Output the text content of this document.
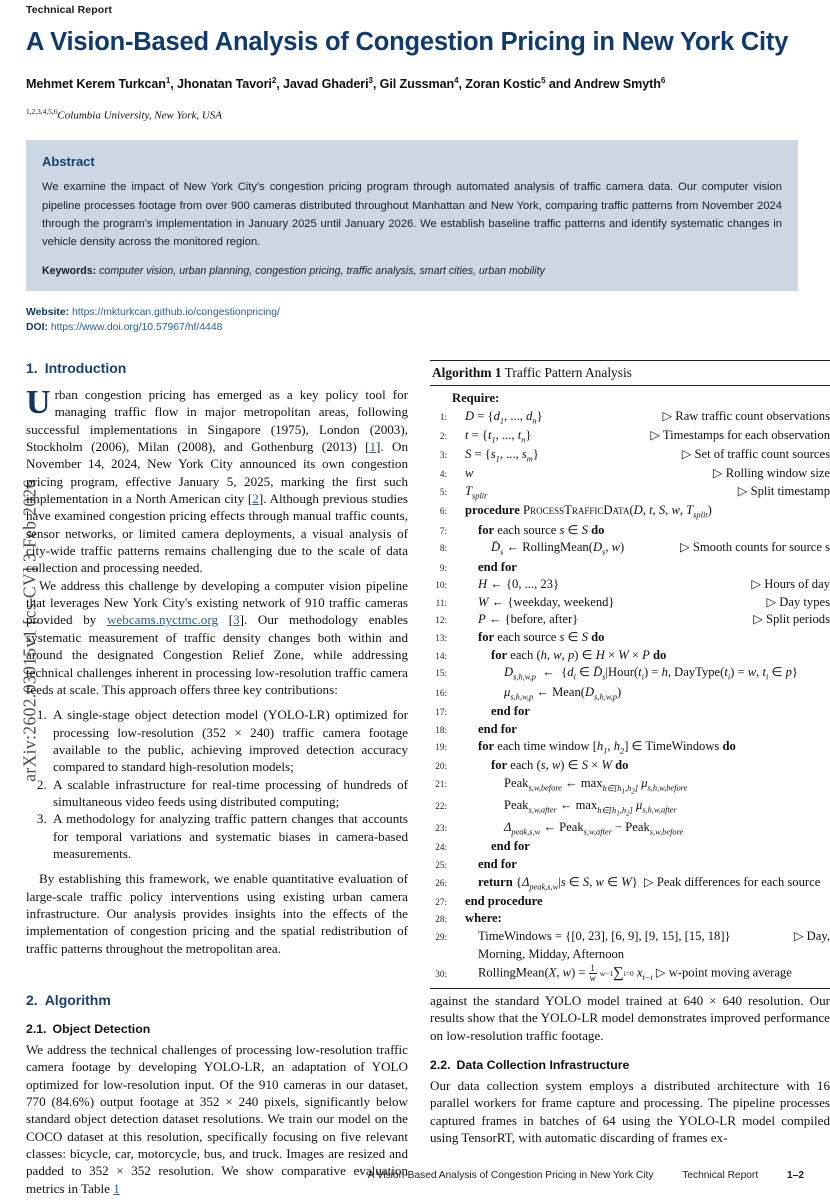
arXiv:2602.03015v1 [cs.CV] 3 Feb 2026
Technical Report
A Vision-Based Analysis of Congestion Pricing in New York City
Mehmet Kerem Turkcan$^1$, Jhonatan Tavori$^2$, Javad Ghaderi$^3$, Gil Zussman$^4$, Zoran Kostic$^5$ and Andrew Smyth$^6$
$^{1,2,3,4,5,6}$Columbia University, New York, USA
Abstract

We examine the impact of New York City's congestion pricing program through automated analysis of traffic camera data. Our computer vision pipeline processes footage from over 900 cameras distributed throughout Manhattan and New York, comparing traffic patterns from November 2024 through the program's implementation in January 2025 until January 2026. We establish baseline traffic patterns and identify systematic changes in vehicle density across the monitored region.

Keywords: computer vision, urban planning, congestion pricing, traffic analysis, smart cities, urban mobility
Website: https://mkturkcan.github.io/congestionpricing/
DOI: https://www.doi.org/10.57967/hf/4448
1. Introduction

Urban congestion pricing has emerged as a key policy tool for managing traffic flow in major metropolitan areas, following successful implementations in Singapore (1975), London (2003), Stockholm (2006), Milan (2008), and Gothenburg (2013) [1]. On November 14, 2024, New York City announced its own congestion pricing program, effective January 5, 2025, marking the first such implementation in a North American city [2]. Although previous studies have examined congestion pricing effects through manual traffic counts, sensor networks, or limited camera deployments, a visual analysis of city-wide traffic patterns remains challenging due to the scale of data collection and processing needed.

We address this challenge by developing a computer vision pipeline that leverages New York City's existing network of 910 traffic cameras provided by webcams.nyctmc.org [3]. Our methodology enables systematic measurement of traffic density changes both within and around the designated Congestion Relief Zone, while addressing technical challenges inherent in processing low-resolution traffic camera feeds at scale. This approach offers three key contributions:

1. A single-stage object detection model (YOLO-LR) optimized for processing low-resolution (352 × 240) traffic camera footage available to the public, achieving improved detection accuracy compared to standard high-resolution models;
2. A scalable infrastructure for real-time processing of hundreds of simultaneous video feeds using distributed computing;
3. A methodology for analyzing traffic pattern changes that accounts for temporal variations and systematic biases in camera-based measurements.

By establishing this framework, we enable quantitative evaluation of large-scale traffic policy interventions using existing urban camera infrastructure. Our analysis provides insights into the effects of the implementation of congestion pricing and the spatial redistribution of traffic patterns throughout the metropolitan area.

Algorithm 1 Traffic Pattern Analysis
Require:
1:	$D = \{d_1$, ..., $d_n$}	▷ Raw traffic count observations
2:	$t = \{t_1$, ..., $t_n$}	▷ Timestamps for each observation
3:	$S = \{s_1$, ..., $s_m$}	▷ Set of traffic count sources
4:	w	▷ Rolling window size
5:	$T_{split}$	▷ Split timestamp
6:	procedure ProcessTrafficData(D, t, S, w, $T_{split}$)
7:	for each source s ∈ S do
8:	$D̄_s$ ← $RollingMean(D_s$, w)	▷ Smooth counts for source s
9:	end for
10:	H ← {0, ..., 23}	▷ Hours of day
11:	W ← {weekday, weekend}	▷ Day types
12:	P ← {before, after}	▷ Split periods
13:	for each source s ∈ S do
14:	for each (h, w, p) ∈ H × W × P do
15:	$D_{s,h,w,p}$  ←  {$d_i$ ∈ $D̄_s|Hour(t_i) = h$, $DayType(t_i) = w$, $t_i$ ∈ p}
16:	$\mu_{s,h,w,p}$ ← $Mean(D_{s,h,w,p})$
17:	end for
18:	end for
19:	for each time window [$h_1$, $h_2$] ∈ TimeWindows do
20:	for each (s, w) ∈ S × W do
21:	Peak$_{s,w,before}$ ← $\max_{h\in[h_1,h_2]} \mu_{s,h,w,before}$
22:	Peak$_{s,w,after}$ ← $\max_{h\in[h_1,h_2]} \mu_{s,h,w,after}$
23:	$\Delta_{peak,s,w}$ ← Peak$_{s,w,after}$ − Peak$_{s,w,before}$
24:	end for
25:	end for
26:	return {$\Delta_{peak,s,w}|s$ ∈ S, w ∈ W}  ▷ Peak differences for each source
27:	end procedure
28:	where:
29:	TimeWindows = {[0, 23], [6, 9], [9, 15], [15, 18]}	▷ Day,

Morning, Midday, Afternoon
30:	RollingMean(X, $w) = \frac{1}{w}$
w−1 ∑ i=0 $x_{t-i}$ ▷ w-point moving average
2. Algorithm
2.1. Object Detection

We address the technical challenges of processing low-resolution traffic camera footage by developing YOLO-LR, an adaptation of YOLO optimized for low-resolution input. Of the 910 cameras in our dataset, 770 (84.6%) output footage at 352 × 240 pixels, significantly below standard object detection dataset resolutions. We train our model on the COCO dataset at this resolution, specifically focusing on five relevant classes: bicycle, car, motorcycle, bus, and truck. Images are resized and padded to 352 × 352 resolution. We show comparative evaluation metrics in Table 1

against the standard YOLO model trained at 640 × 640 resolution. Our results show that the YOLO-LR model demonstrates improved performance on low-resolution traffic footage.

2.2. Data Collection Infrastructure

Our data collection system employs a distributed architecture with 16 parallel workers for frame capture and processing. The pipeline processes captured frames in batches of 64 using the YOLO-LR model compiled using TensorRT, with automatic discarding of frames ex-

A Vision-Based Analysis of Congestion Pricing in New York City	Technical Report	1–2
